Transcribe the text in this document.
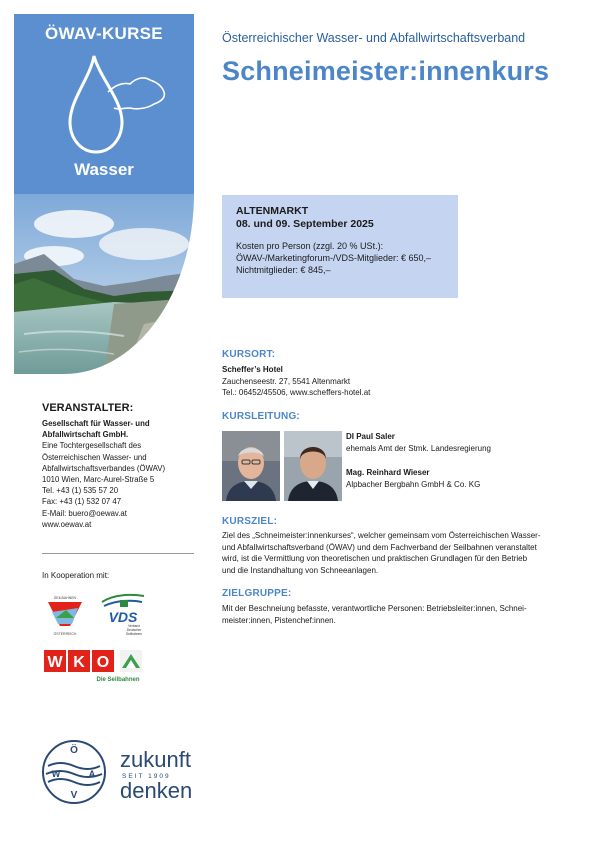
ÖWAV-KURSE
Wasser
Österreichischer Wasser- und Abfallwirtschaftsverband
Schneimeister:innenkurs
ALTENMARKT
08. und 09. September 2025
Kosten pro Person (zzgl. 20 % USt.):
ÖWAV-/Marketingforum-/VDS-Mitglieder: € 650,–
Nichtmitglieder: € 845,–
KURSORT:
Scheffer’s Hotel
Zauchenseestr. 27, 5541 Altenmarkt
Tel.: 06452/45506, www.scheffers-hotel.at
KURSLEITUNG:
DI Paul Saler
ehemals Amt der Stmk. Landesregierung
Mag. Reinhard Wieser
Alpbacher Bergbahn GmbH & Co. KG
KURSZIEL:
Ziel des „Schneimeister:innenkurses“, welcher gemeinsam vom Österreichischen Wasser-
und Abfallwirtschaftsverband (ÖWAV) und dem Fachverband der Seilbahnen veranstaltet
wird, ist die Vermittlung von theoretischen und praktischen Grundlagen für den Betrieb
und die Instandhaltung von Schneeanlagen.
ZIELGRUPPE:
Mit der Beschneiung befasste, verantwortliche Personen: Betriebsleiter:innen, Schnei-
meister:innen, Pistenchef:innen.
VERANSTALTER:
Gesellschaft für Wasser- und
Abfallwirtschaft GmbH.
Eine Tochtergesellschaft des
Österreichischen Wasser- und
Abfallwirtschaftsverbandes (ÖWAV)
1010 Wien, Marc-Aurel-Straße 5
Tel. +43 (1) 535 57 20
Fax: +43 (1) 532 07 47
E-Mail: buero@oewav.at
www.oewav.at
In Kooperation mit:
SEILBAHNEN
ÖSTERREICH
VDS
Verband
Deutscher
Seilbahnen
W K O
Die Seilbahnen
Ö
W	A
V
zukunft
SEIT 1909
denken
